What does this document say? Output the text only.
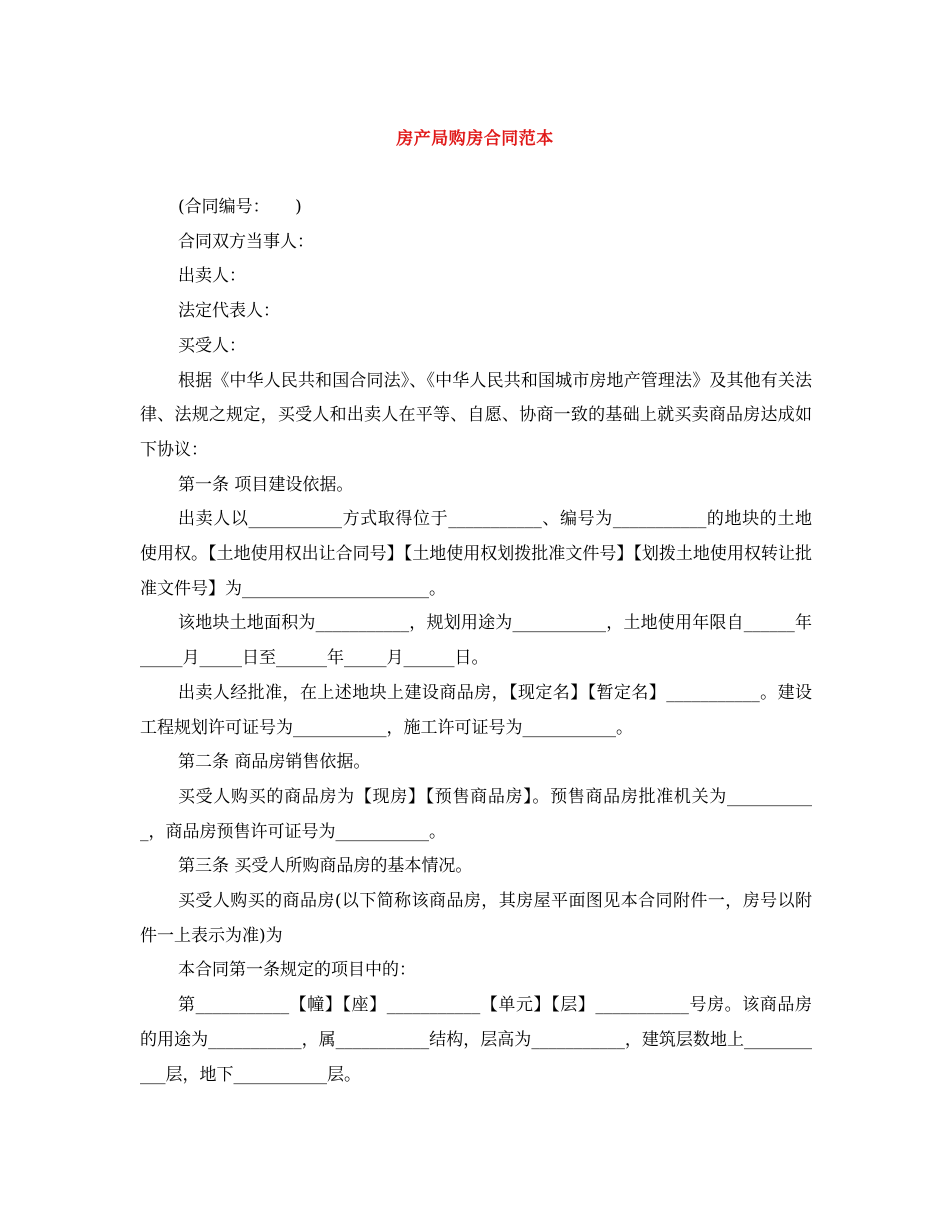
房产局购房合同范本

(合同编号：　　)

合同双方当事人：

出卖人：

法定代表人：

买受人：

根据《中华人民共和国合同法》、《中华人民共和国城市房地产管理法》及其他有关法律、法规之规定，买受人和出卖人在平等、自愿、协商一致的基础上就买卖商品房达成如下协议：

第一条 项目建设依据。

出卖人以___________方式取得位于___________、编号为___________的地块的土地使用权。【土地使用权出让合同号】【土地使用权划拨批准文件号】【划拨土地使用权转让批准文件号】为______________________。

该地块土地面积为___________，规划用途为___________，土地使用年限自______年_____月_____日至______年_____月______日。

出卖人经批准，在上述地块上建设商品房，【现定名】【暂定名】___________。建设工程规划许可证号为___________，施工许可证号为___________。

第二条 商品房销售依据。

买受人购买的商品房为【现房】【预售商品房】。预售商品房批准机关为___________，商品房预售许可证号为___________。

第三条 买受人所购商品房的基本情况。

买受人购买的商品房(以下简称该商品房，其房屋平面图见本合同附件一，房号以附件一上表示为准)为

本合同第一条规定的项目中的：

第___________【幢】【座】___________【单元】【层】___________号房。该商品房的用途为___________，属___________结构，层高为___________，建筑层数地上___________层，地下___________层。
